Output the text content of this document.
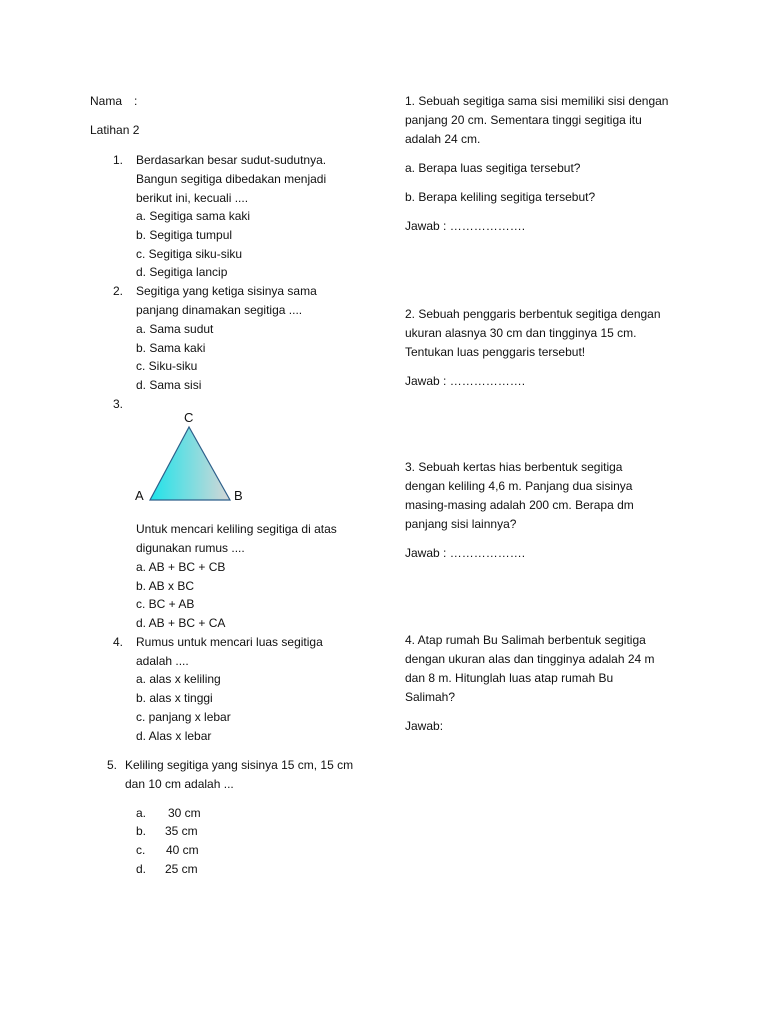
Nama :
Latihan 2
1. Berdasarkan besar sudut-sudutnya.
Bangun segitiga dibedakan menjadi
berikut ini, kecuali ....
a. Segitiga sama kaki
b. Segitiga tumpul
c. Segitiga siku-siku
d. Segitiga lancip
2. Segitiga yang ketiga sisinya sama
panjang dinamakan segitiga ....
a. Sama sudut
b. Sama kaki
c. Siku-siku
d. Sama sisi
3.
C
A	B
Untuk mencari keliling segitiga di atas
digunakan rumus ....
a. AB + BC + CB
b. AB x BC
c. BC + AB
d. AB + BC + CA
4. Rumus untuk mencari luas segitiga
adalah ....
a. alas x keliling
b. alas x tinggi
c. panjang x lebar
d. Alas x lebar
5. Keliling segitiga yang sisinya 15 cm, 15 cm
dan 10 cm adalah ...
a. 30 cm
b. 35 cm
c. 40 cm
d. 25 cm
1. Sebuah segitiga sama sisi memiliki sisi dengan
panjang 20 cm. Sementara tinggi segitiga itu
adalah 24 cm.
a. Berapa luas segitiga tersebut?
b. Berapa keliling segitiga tersebut?
Jawab : ……………….
2. Sebuah penggaris berbentuk segitiga dengan
ukuran alasnya 30 cm dan tingginya 15 cm.
Tentukan luas penggaris tersebut!
Jawab : ……………….
3. Sebuah kertas hias berbentuk segitiga
dengan keliling 4,6 m. Panjang dua sisinya
masing-masing adalah 200 cm. Berapa dm
panjang sisi lainnya?
Jawab : ……………….
4. Atap rumah Bu Salimah berbentuk segitiga
dengan ukuran alas dan tingginya adalah 24 m
dan 8 m. Hitunglah luas atap rumah Bu
Salimah?
Jawab:
